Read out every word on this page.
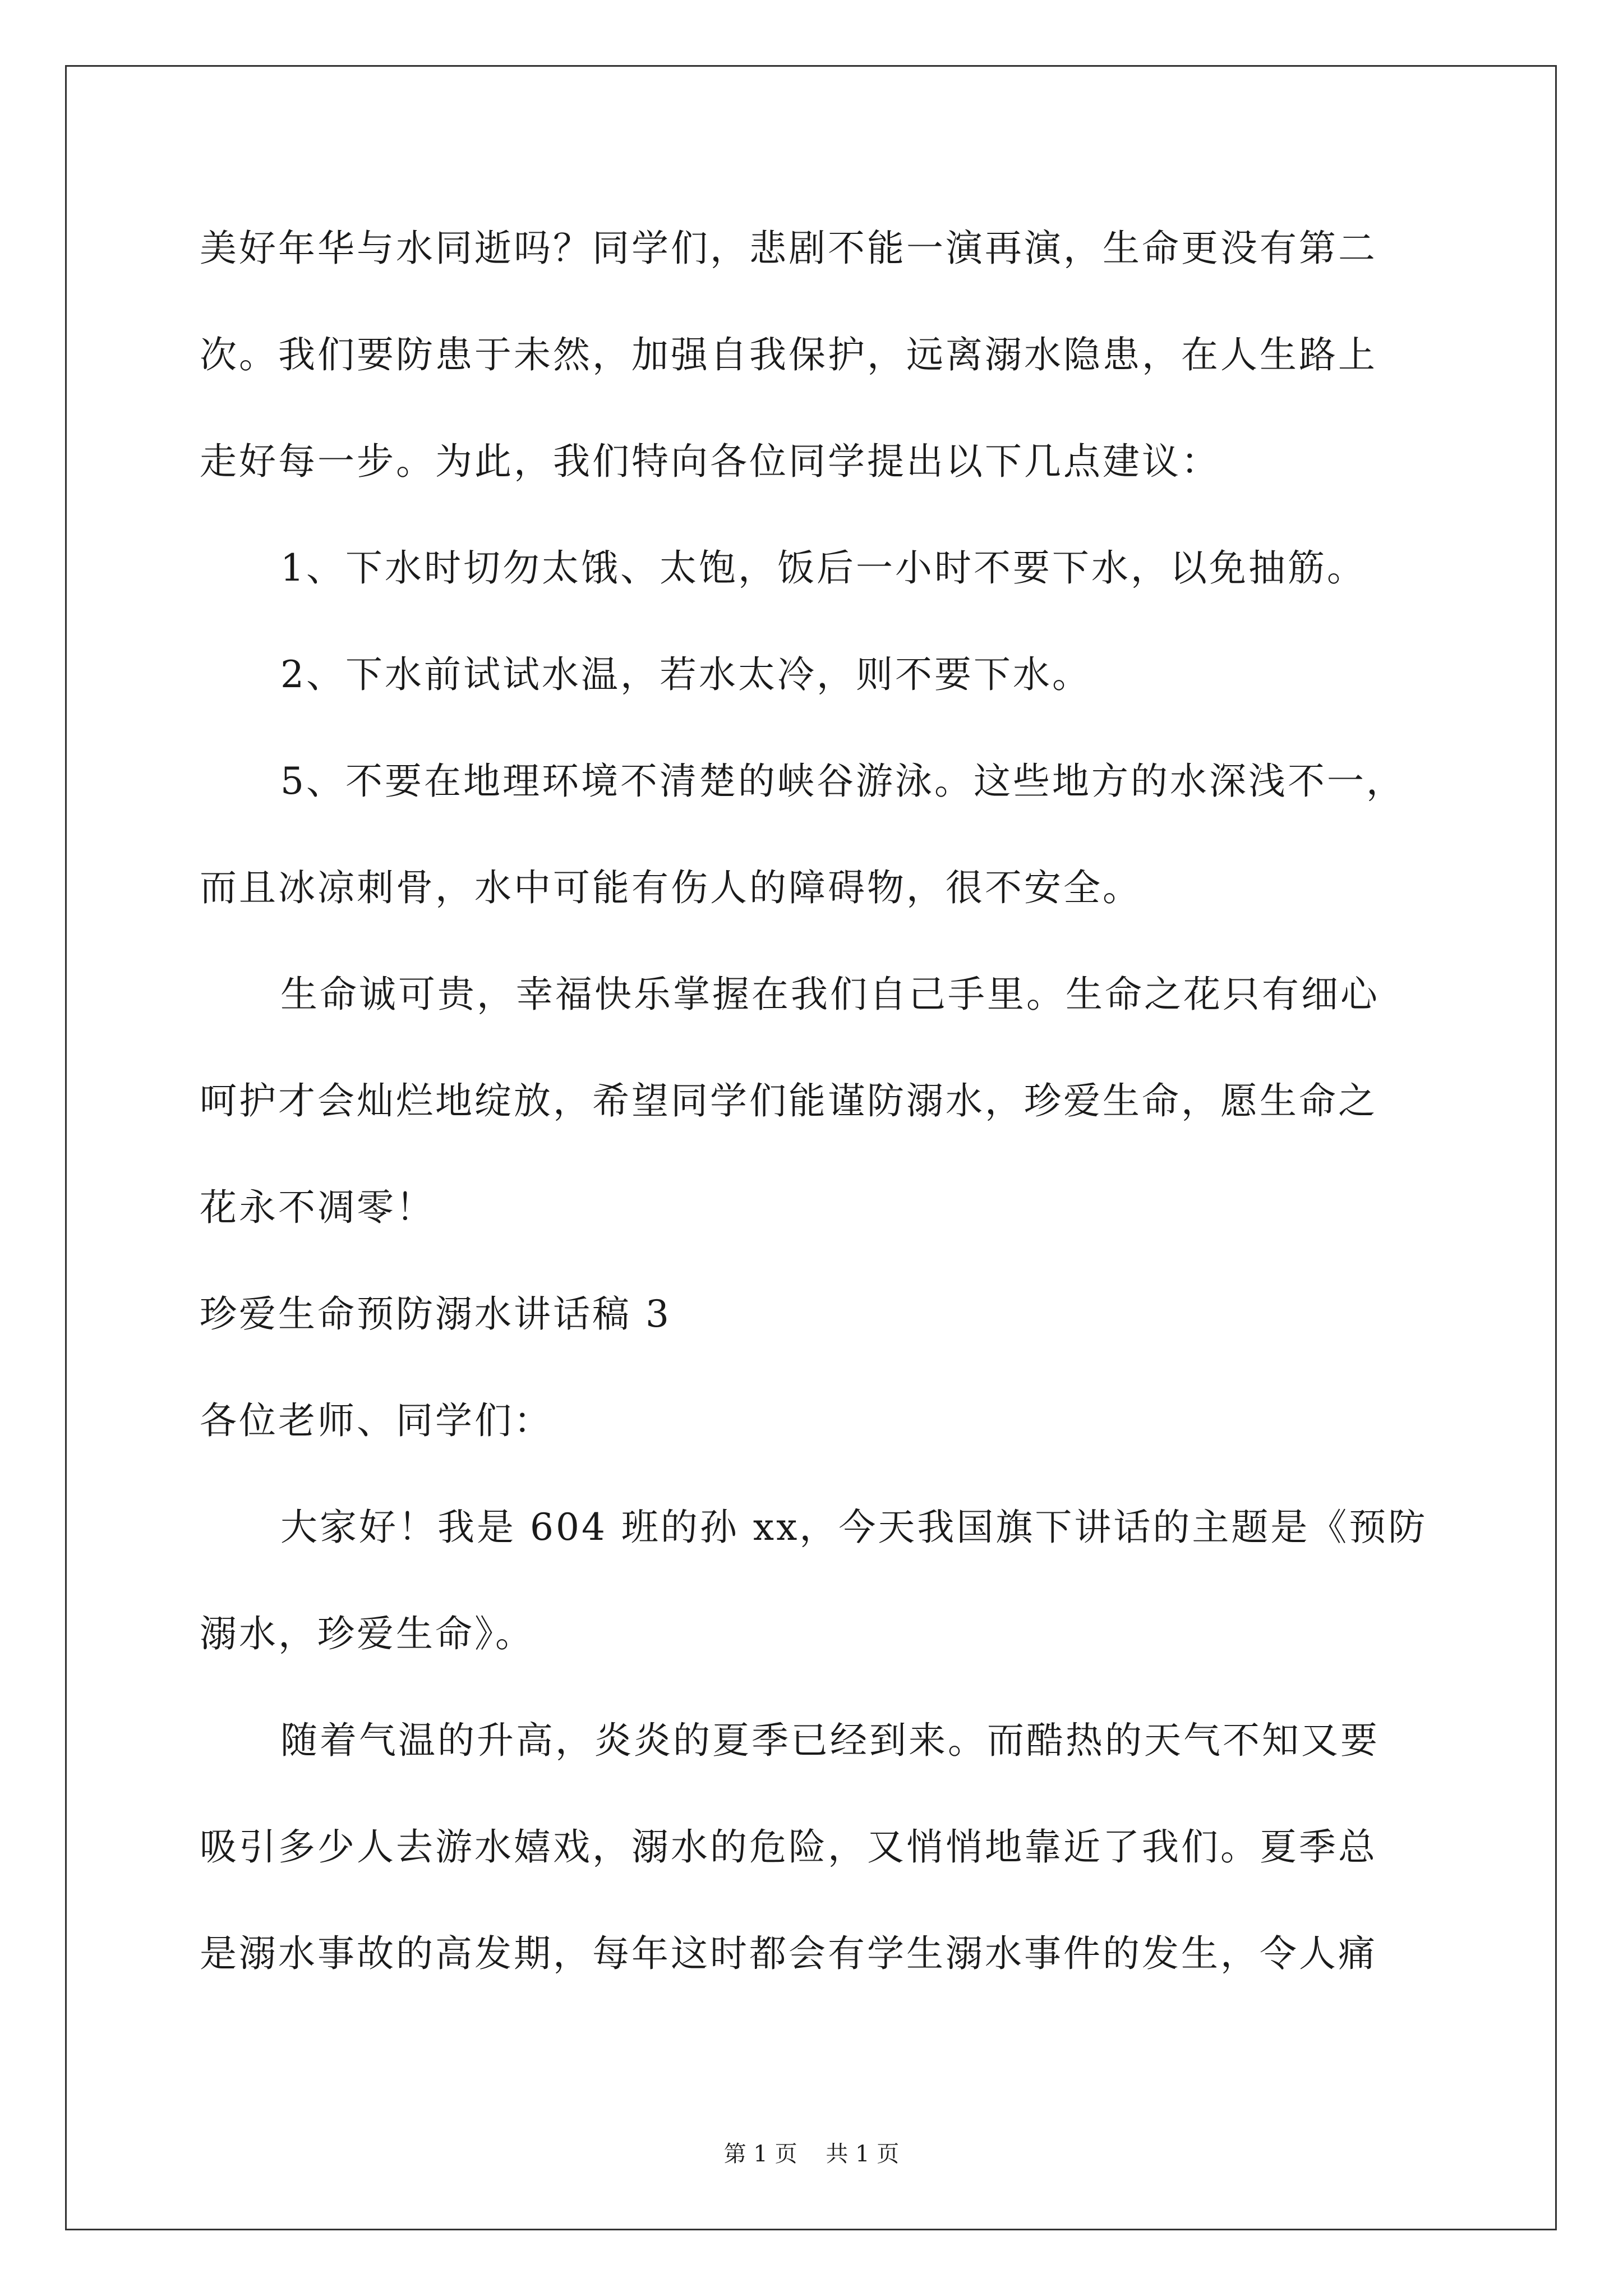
美好年华与水同逝吗？同学们，悲剧不能一演再演，生命更没有第二
次。我们要防患于未然，加强自我保护，远离溺水隐患，在人生路上
走好每一步。为此，我们特向各位同学提出以下几点建议：
1、下水时切勿太饿、太饱，饭后一小时不要下水，以免抽筋。
2、下水前试试水温，若水太冷，则不要下水。
5、不要在地理环境不清楚的峡谷游泳。这些地方的水深浅不一，
而且冰凉刺骨，水中可能有伤人的障碍物，很不安全。
生命诚可贵，幸福快乐掌握在我们自己手里。生命之花只有细心
呵护才会灿烂地绽放，希望同学们能谨防溺水，珍爱生命，愿生命之
花永不凋零！
珍爱生命预防溺水讲话稿 3
各位老师、同学们：
大家好！我是 604 班的孙 xx，今天我国旗下讲话的主题是《预防
溺水，珍爱生命》。
随着气温的升高，炎炎的夏季已经到来。而酷热的天气不知又要
吸引多少人去游水嬉戏，溺水的危险，又悄悄地靠近了我们。夏季总
是溺水事故的高发期，每年这时都会有学生溺水事件的发生，令人痛
第 1 页    共 1 页
